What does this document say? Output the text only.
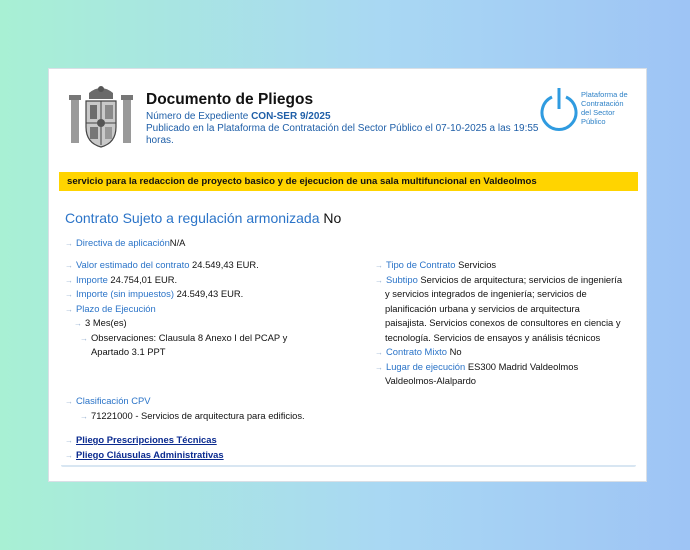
Documento de Pliegos
Número de Expediente CON-SER 9/2025
Publicado en la Plataforma de Contratación del Sector Público el 07-10-2025 a las 19:55 horas.
Plataforma de
Contratación
del Sector
Público
servicio para la redaccion de proyecto basico y de ejecucion de una sala multifuncional en Valdeolmos
Contrato Sujeto a regulación armonizada No
→ Directiva de aplicaciónN/A
→ Valor estimado del contrato 24.549,43 EUR.
→ Importe 24.754,01 EUR.
→ Importe (sin impuestos) 24.549,43 EUR.
→ Plazo de Ejecución
→ 3 Mes(es)
→ Observaciones: Clausula 8 Anexo I del PCAP y
Apartado 3.1 PPT
→ Clasificación CPV
→ 71221000 - Servicios de arquitectura para edificios.
→ Pliego Prescripciones Técnicas
→ Pliego Cláusulas Administrativas
→ Tipo de Contrato Servicios
→ Subtipo Servicios de arquitectura; servicios de ingeniería
y servicios integrados de ingeniería; servicios de
planificación urbana y servicios de arquitectura
paisajista. Servicios conexos de consultores en ciencia y
tecnología. Servicios de ensayos y análisis técnicos
→ Contrato Mixto No
→ Lugar de ejecución ES300 Madrid Valdeolmos
Valdeolmos-Alalpardo
